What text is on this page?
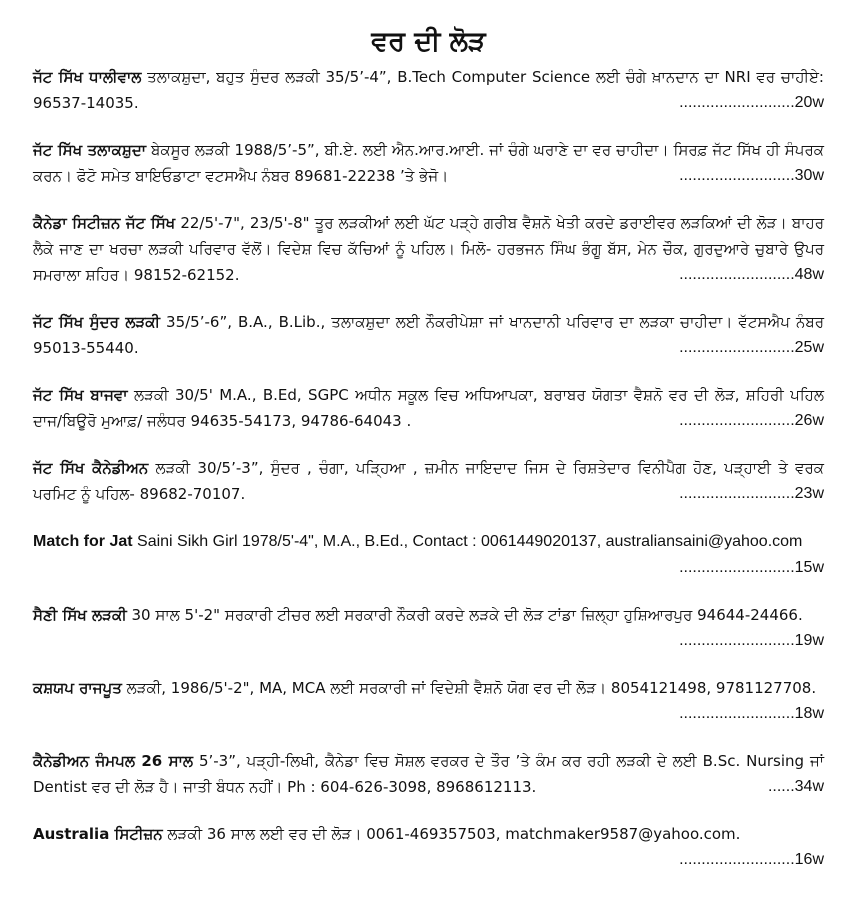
ਵਰ ਦੀ ਲੋੜ
ਜੱਟ ਸਿੱਖ ਧਾਲੀਵਾਲ ਤਲਾਕਸ਼ੁਦਾ, ਬਹੁਤ ਸੁੰਦਰ ਲੜਕੀ 35/5’-4”, B.Tech Computer Science ਲਈ ਚੰਗੇ ਖ਼ਾਨਦਾਨ ਦਾ NRI ਵਰ ਚਾਹੀਏ: 96537-14035.	..........................20w
ਜੱਟ ਸਿੱਖ ਤਲਾਕਸ਼ੁਦਾ ਬੇਕਸੂਰ ਲੜਕੀ 1988/5’-5”, ਬੀ.ਏ. ਲਈ ਐਨ.ਆਰ.ਆਈ. ਜਾਂ ਚੰਗੇ ਘਰਾਣੇ ਦਾ ਵਰ ਚਾਹੀਦਾ। ਸਿਰਫ਼ ਜੱਟ ਸਿੱਖ ਹੀ ਸੰਪਰਕ ਕਰਨ। ਫੋਟੋ ਸਮੇਤ ਬਾਇਓਡਾਟਾ ਵਟਸਐਪ ਨੰਬਰ 89681-22238 ’ਤੇ ਭੇਜੋ।	..........................30w
ਕੈਨੇਡਾ ਸਿਟੀਜ਼ਨ ਜੱਟ ਸਿੱਖ 22/5'-7", 23/5'-8" ਤੂਰ ਲੜਕੀਆਂ ਲਈ ਘੱਟ ਪੜ੍ਹੇ ਗਰੀਬ ਵੈਸ਼ਨੋ ਖੇਤੀ ਕਰਦੇ ਡਰਾਈਵਰ ਲੜਕਿਆਂ ਦੀ ਲੋੜ। ਬਾਹਰ ਲੈਕੇ ਜਾਣ ਦਾ ਖਰਚਾ ਲੜਕੀ ਪਰਿਵਾਰ ਵੱਲੋਂ। ਵਿਦੇਸ਼ ਵਿਚ ਕੱਚਿਆਂ ਨੂੰ ਪਹਿਲ। ਮਿਲੋ- ਹਰਭਜਨ ਸਿੰਘ ਭੰਗੂ ਬੱਸ, ਮੇਨ ਚੌਕ, ਗੁਰਦੁਆਰੇ ਚੁਬਾਰੇ ਉਪਰ ਸਮਰਾਲਾ ਸ਼ਹਿਰ। 98152-62152.	..........................48w
ਜੱਟ ਸਿੱਖ ਸੁੰਦਰ ਲੜਕੀ 35/5’-6”, B.A., B.Lib., ਤਲਾਕਸ਼ੁਦਾ ਲਈ ਨੌਕਰੀਪੇਸ਼ਾ ਜਾਂ ਖਾਨਦਾਨੀ ਪਰਿਵਾਰ ਦਾ ਲੜਕਾ ਚਾਹੀਦਾ। ਵੱਟਸਐਪ ਨੰਬਰ 95013-55440.	..........................25w
ਜੱਟ ਸਿੱਖ ਬਾਜਵਾ ਲੜਕੀ 30/5' M.A., B.Ed, SGPC ਅਧੀਨ ਸਕੂਲ ਵਿਚ ਅਧਿਆਪਕਾ, ਬਰਾਬਰ ਯੋਗਤਾ ਵੈਸ਼ਨੋ ਵਰ ਦੀ ਲੋੜ, ਸ਼ਹਿਰੀ ਪਹਿਲ ਦਾਜ/ਬਿਊਰੋ ਮੁਆਫ਼/ ਜਲੰਧਰ 94635-54173, 94786-64043 .	..........................26w
ਜੱਟ ਸਿੱਖ ਕੈਨੇਡੀਅਨ ਲੜਕੀ 30/5’-3”, ਸੁੰਦਰ , ਚੰਗਾ, ਪੜ੍ਹਿਆ , ਜ਼ਮੀਨ ਜਾਇਦਾਦ ਜਿਸ ਦੇ ਰਿਸ਼ਤੇਦਾਰ ਵਿਨੀਪੈਗ ਹੋਣ, ਪੜ੍ਹਾਈ ਤੇ ਵਰਕ ਪਰਮਿਟ ਨੂੰ ਪਹਿਲ- 89682-70107.	..........................23w
Match for Jat Saini Sikh Girl 1978/5'-4", M.A., B.Ed., Contact : 0061449020137, australiansaini@yahoo.com
..........................15w
ਸੈਣੀ ਸਿੱਖ ਲੜਕੀ 30 ਸਾਲ 5'-2" ਸਰਕਾਰੀ ਟੀਚਰ ਲਈ ਸਰਕਾਰੀ ਨੌਕਰੀ ਕਰਦੇ ਲੜਕੇ ਦੀ ਲੋੜ ਟਾਂਡਾ ਜ਼ਿਲ੍ਹਾ ਹੁਸ਼ਿਆਰਪੁਰ 94644-24466.
..........................19w
ਕਸ਼ਯਪ ਰਾਜਪੂਤ ਲੜਕੀ, 1986/5'-2", MA, MCA ਲਈ ਸਰਕਾਰੀ ਜਾਂ ਵਿਦੇਸ਼ੀ ਵੈਸ਼ਨੋ ਯੋਗ ਵਰ ਦੀ ਲੋੜ। 8054121498, 9781127708.
..........................18w
ਕੈਨੇਡੀਅਨ ਜੰਮਪਲ 26 ਸਾਲ 5’-3”, ਪੜ੍ਹੀ-ਲਿਖੀ, ਕੈਨੇਡਾ ਵਿਚ ਸੋਸ਼ਲ ਵਰਕਰ ਦੇ ਤੌਰ ’ਤੇ ਕੰਮ ਕਰ ਰਹੀ ਲੜਕੀ ਦੇ ਲਈ B.Sc. Nursing ਜਾਂ Dentist ਵਰ ਦੀ ਲੋੜ ਹੈ। ਜਾਤੀ ਬੰਧਨ ਨਹੀਂ। Ph : 604-626-3098, 8968612113.	......34w
Australia ਸਿਟੀਜ਼ਨ ਲੜਕੀ 36 ਸਾਲ ਲਈ ਵਰ ਦੀ ਲੋੜ। 0061-469357503, matchmaker9587@yahoo.com.
..........................16w
